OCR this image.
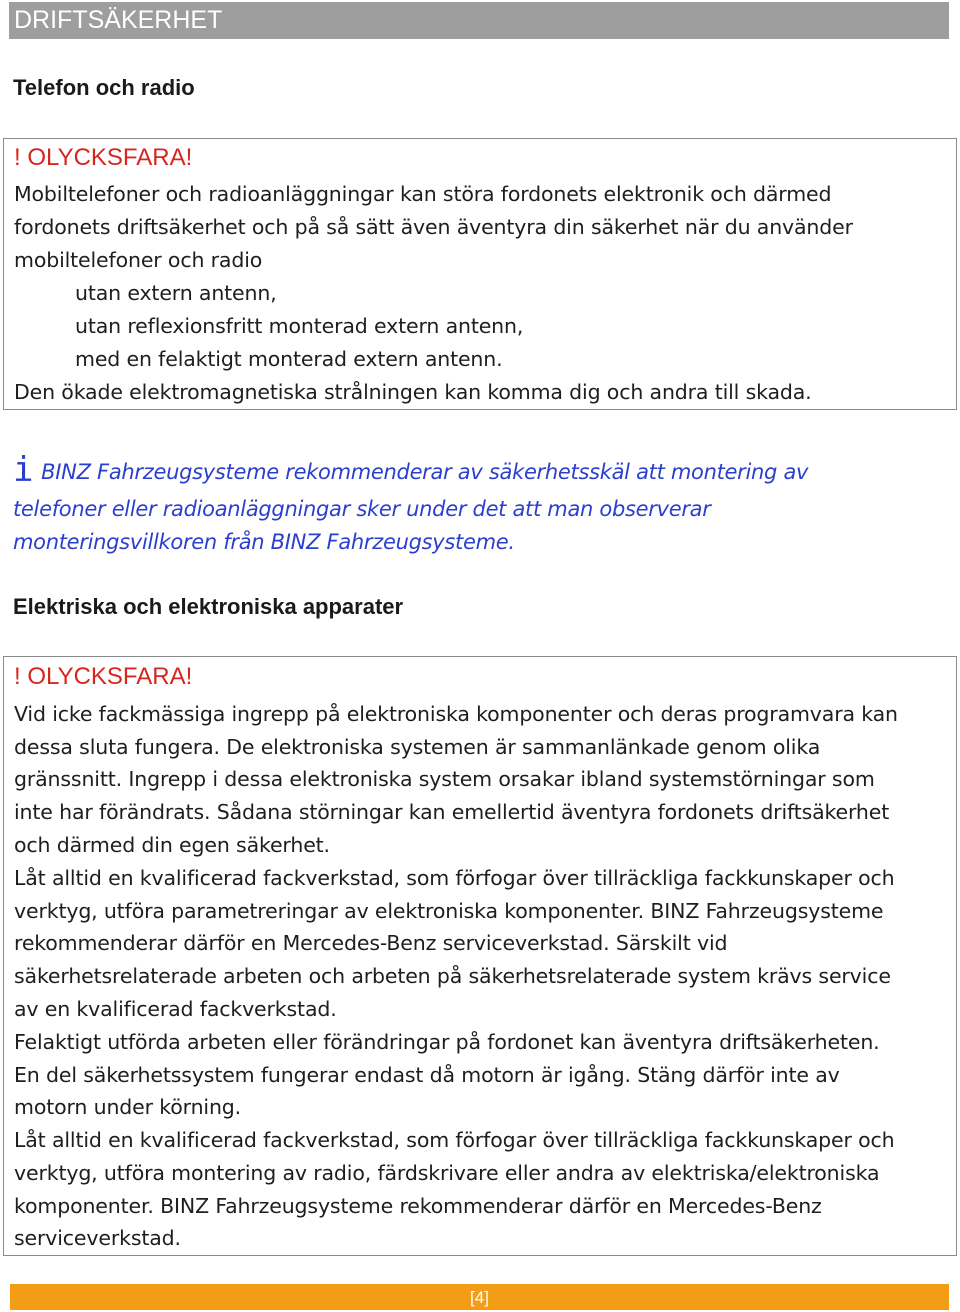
DRIFTSÄKERHET
Telefon och radio
! OLYCKSFARA!
Mobiltelefoner och radioanläggningar kan störa fordonets elektronik och därmed
fordonets driftsäkerhet och på så sätt även äventyra din säkerhet när du använder
mobiltelefoner och radio
utan extern antenn,
utan reflexionsfritt monterad extern antenn,
med en felaktigt monterad extern antenn.
Den ökade elektromagnetiska strålningen kan komma dig och andra till skada.
iBINZ Fahrzeugsysteme rekommenderar av säkerhetsskäl att montering av
telefoner eller radioanläggningar sker under det att man observerar
monteringsvillkoren från BINZ Fahrzeugsysteme.
Elektriska och elektroniska apparater
! OLYCKSFARA!
Vid icke fackmässiga ingrepp på elektroniska komponenter och deras programvara kan
dessa sluta fungera. De elektroniska systemen är sammanlänkade genom olika
gränssnitt. Ingrepp i dessa elektroniska system orsakar ibland systemstörningar som
inte har förändrats. Sådana störningar kan emellertid äventyra fordonets driftsäkerhet
och därmed din egen säkerhet.
Låt alltid en kvalificerad fackverkstad, som förfogar över tillräckliga fackkunskaper och
verktyg, utföra parametreringar av elektroniska komponenter. BINZ Fahrzeugsysteme
rekommenderar därför en Mercedes-Benz serviceverkstad. Särskilt vid
säkerhetsrelaterade arbeten och arbeten på säkerhetsrelaterade system krävs service
av en kvalificerad fackverkstad.
Felaktigt utförda arbeten eller förändringar på fordonet kan äventyra driftsäkerheten.
En del säkerhetssystem fungerar endast då motorn är igång. Stäng därför inte av
motorn under körning.
Låt alltid en kvalificerad fackverkstad, som förfogar över tillräckliga fackkunskaper och
verktyg, utföra montering av radio, färdskrivare eller andra av elektriska/elektroniska
komponenter. BINZ Fahrzeugsysteme rekommenderar därför en Mercedes-Benz
serviceverkstad.
[4]
